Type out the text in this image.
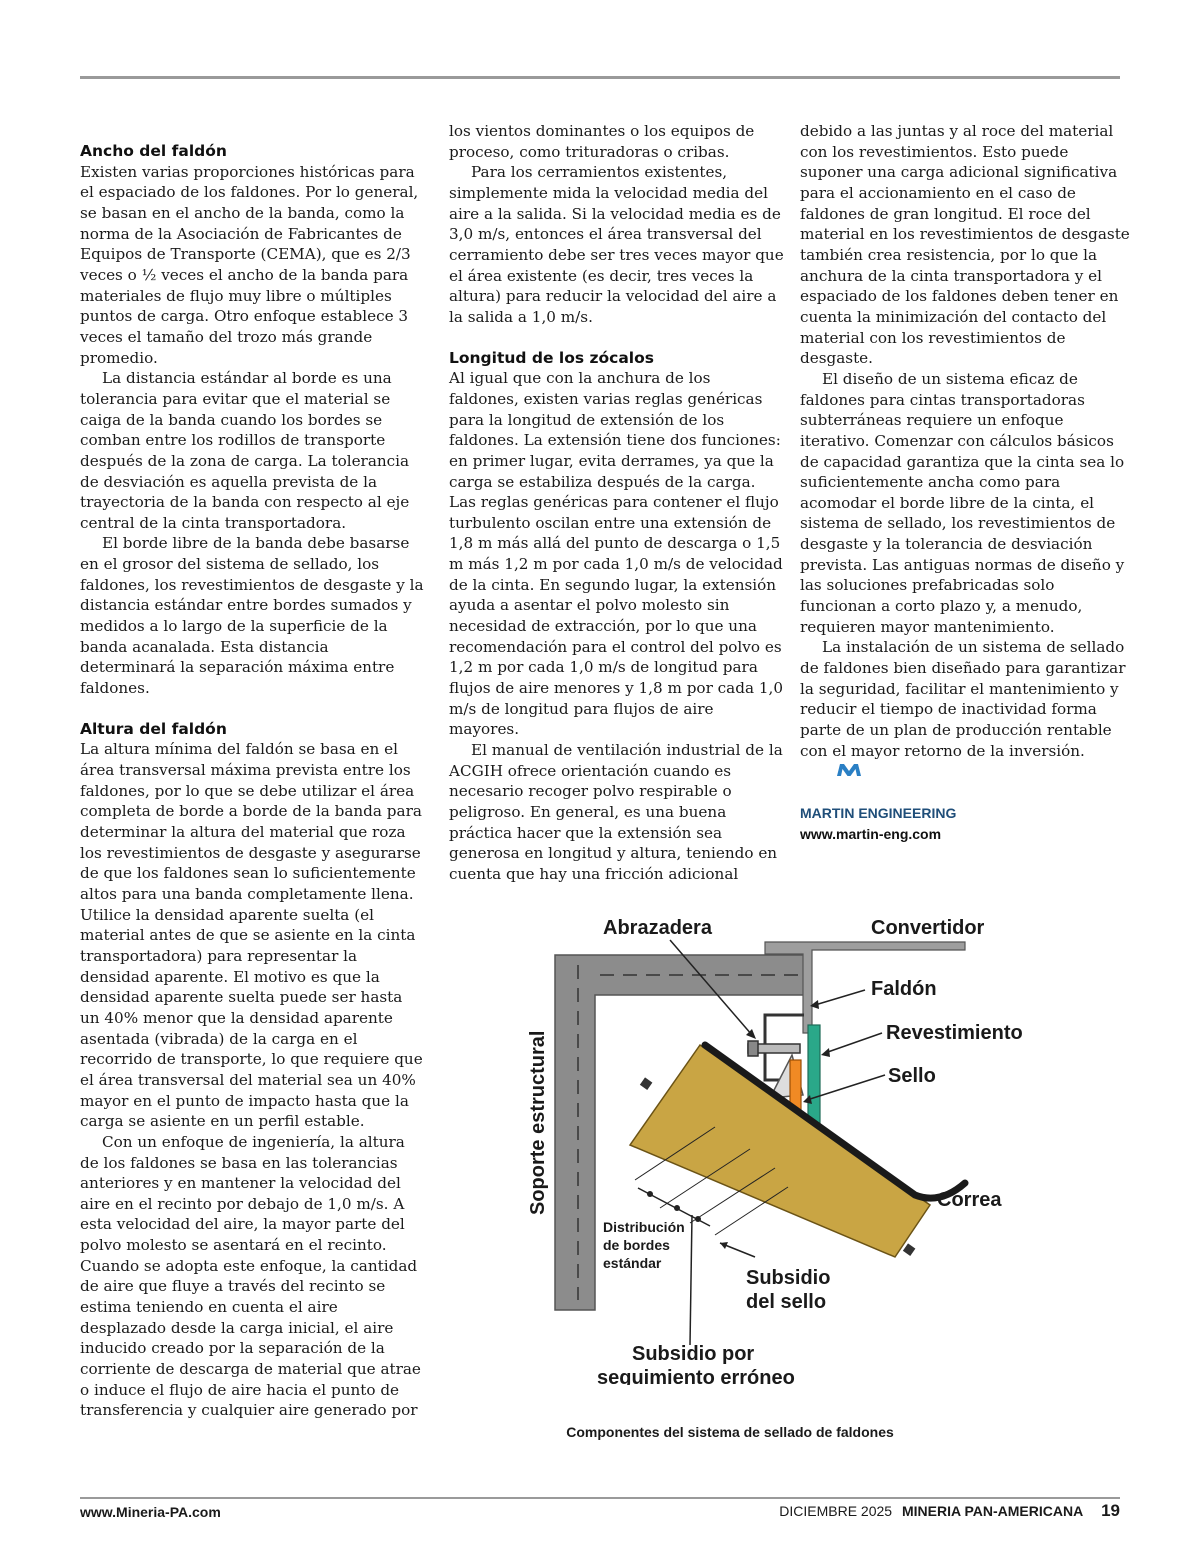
Ancho del faldón

Existen varias proporciones históricas para el espaciado de los faldones. Por lo general, se basan en el ancho de la banda, como la norma de la Asociación de Fabricantes de Equipos de Transporte (CEMA), que es 2/3 veces o ½ veces el ancho de la banda para materiales de flujo muy libre o múltiples puntos de carga. Otro enfoque establece 3 veces el tamaño del trozo más grande promedio.

La distancia estándar al borde es una tolerancia para evitar que el material se caiga de la banda cuando los bordes se comban entre los rodillos de transporte después de la zona de carga. La tolerancia de desviación es aquella prevista de la trayectoria de la banda con respecto al eje central de la cinta transportadora.

El borde libre de la banda debe basarse en el grosor del sistema de sellado, los faldones, los revestimientos de desgaste y la distancia estándar entre bordes sumados y medidos a lo largo de la superficie de la banda acanalada. Esta distancia determinará la separación máxima entre faldones.

Altura del faldón

La altura mínima del faldón se basa en el área transversal máxima prevista entre los faldones, por lo que se debe utilizar el área completa de borde a borde de la banda para determinar la altura del material que roza los revestimientos de desgaste y asegurarse de que los faldones sean lo suficientemente altos para una banda completamente llena. Utilice la densidad aparente suelta (el material antes de que se asiente en la cinta transportadora) para representar la densidad aparente. El motivo es que la densidad aparente suelta puede ser hasta un 40% menor que la densidad aparente asentada (vibrada) de la carga en el recorrido de transporte, lo que requiere que el área transversal del material sea un 40% mayor en el punto de impacto hasta que la carga se asiente en un perfil estable.

Con un enfoque de ingeniería, la altura de los faldones se basa en las tolerancias anteriores y en mantener la velocidad del aire en el recinto por debajo de 1,0 m/s. A esta velocidad del aire, la mayor parte del polvo molesto se asentará en el recinto. Cuando se adopta este enfoque, la cantidad de aire que fluye a través del recinto se estima teniendo en cuenta el aire desplazado desde la carga inicial, el aire inducido creado por la separación de la corriente de descarga de material que atrae o induce el flujo de aire hacia el punto de transferencia y cualquier aire generado por

los vientos dominantes o los equipos de proceso, como trituradoras o cribas.

Para los cerramientos existentes, simplemente mida la velocidad media del aire a la salida. Si la velocidad media es de 3,0 m/s, entonces el área transversal del cerramiento debe ser tres veces mayor que el área existente (es decir, tres veces la altura) para reducir la velocidad del aire a la salida a 1,0 m/s.

Longitud de los zócalos

Al igual que con la anchura de los faldones, existen varias reglas genéricas para la longitud de extensión de los faldones. La extensión tiene dos funciones: en primer lugar, evita derrames, ya que la carga se estabiliza después de la carga. Las reglas genéricas para contener el flujo turbulento oscilan entre una extensión de 1,8 m más allá del punto de descarga o 1,5 m más 1,2 m por cada 1,0 m/s de velocidad de la cinta. En segundo lugar, la extensión ayuda a asentar el polvo molesto sin necesidad de extracción, por lo que una recomendación para el control del polvo es 1,2 m por cada 1,0 m/s de longitud para flujos de aire menores y 1,8 m por cada 1,0 m/s de longitud para flujos de aire mayores.

El manual de ventilación industrial de la ACGIH ofrece orientación cuando es necesario recoger polvo respirable o peligroso. En general, es una buena práctica hacer que la extensión sea generosa en longitud y altura, teniendo en cuenta que hay una fricción adicional

debido a las juntas y al roce del material con los revestimientos. Esto puede suponer una carga adicional significativa para el accionamiento en el caso de faldones de gran longitud. El roce del material en los revestimientos de desgaste también crea resistencia, por lo que la anchura de la cinta transportadora y el espaciado de los faldones deben tener en cuenta la minimización del contacto del material con los revestimientos de desgaste.

El diseño de un sistema eficaz de faldones para cintas transportadoras subterráneas requiere un enfoque iterativo. Comenzar con cálculos básicos de capacidad garantiza que la cinta sea lo suficientemente ancha como para acomodar el borde libre de la cinta, el sistema de sellado, los revestimientos de desgaste y la tolerancia de desviación prevista. Las antiguas normas de diseño y las soluciones prefabricadas solo funcionan a corto plazo y, a menudo, requieren mayor mantenimiento.

La instalación de un sistema de sellado de faldones bien diseñado para garantizar la seguridad, facilitar el mantenimiento y reducir el tiempo de inactividad forma parte de un plan de producción rentable con el mayor retorno de la inversión.

MARTIN ENGINEERING
www.martin-eng.com
Abrazadera	Convertidor
Faldón
Revestimiento
Sello
Correa
Soporte estructural
Distribución
de bordes
estándar
Subsidio
del sello
Subsidio por
seguimiento erróneo
Componentes del sistema de sellado de faldones
www.Mineria-PA.com	DICIEMBRE 2025 MINERIA PAN-AMERICANA 19
